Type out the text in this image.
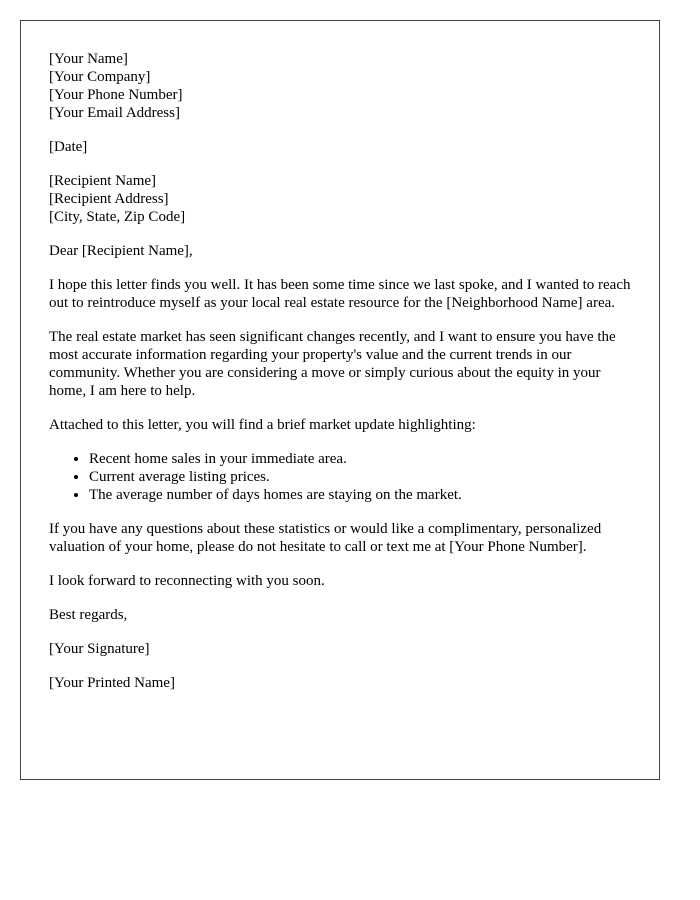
[Your Name]
[Your Company]
[Your Phone Number]
[Your Email Address]
[Date]
[Recipient Name]
[Recipient Address]
[City, State, Zip Code]

Dear [Recipient Name],

I hope this letter finds you well. It has been some time since we last spoke, and I wanted to reach out to reintroduce myself as your local real estate resource for the [Neighborhood Name] area.

The real estate market has seen significant changes recently, and I want to ensure you have the most accurate information regarding your property's value and the current trends in our community. Whether you are considering a move or simply curious about the equity in your home, I am here to help.

Attached to this letter, you will find a brief market update highlighting:

• Recent home sales in your immediate area.
• Current average listing prices.
• The average number of days homes are staying on the market.

If you have any questions about these statistics or would like a complimentary, personalized valuation of your home, please do not hesitate to call or text me at [Your Phone Number].

I look forward to reconnecting with you soon.

Best regards,

[Your Signature]

[Your Printed Name]
